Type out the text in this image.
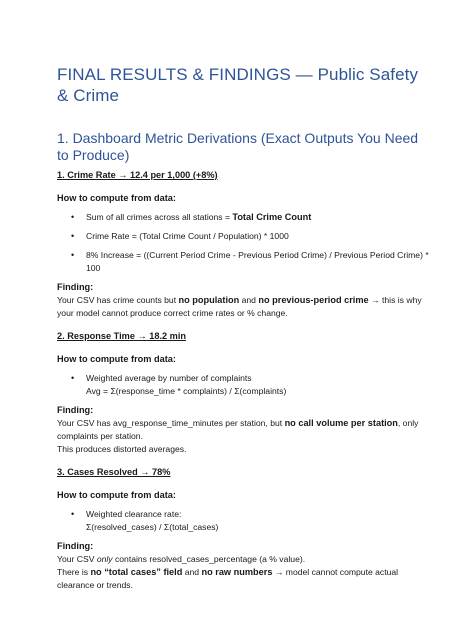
FINAL RESULTS & FINDINGS — Public Safety & Crime
1. Dashboard Metric Derivations (Exact Outputs You Need to Produce)
1. Crime Rate → 12.4 per 1,000 (+8%)
How to compute from data:
• Sum of all crimes across all stations = Total Crime Count
• Crime Rate = (Total Crime Count / Population) * 1000
• 8% Increase = ((Current Period Crime - Previous Period Crime) / Previous Period Crime) * 100
Finding:

Your CSV has crime counts but no population and no previous-period crime → this is why your model cannot produce correct crime rates or % change.

2. Response Time → 18.2 min
How to compute from data:
• Weighted average by number of complaints
Avg = Σ(response_time * complaints) / Σ(complaints)
Finding:

Your CSV has avg_response_time_minutes per station, but no call volume per station, only complaints per station.
This produces distorted averages.

3. Cases Resolved → 78%
How to compute from data:
• Weighted clearance rate:
Σ(resolved_cases) / Σ(total_cases)
Finding:

Your CSV only contains resolved_cases_percentage (a % value).
There is no “total cases” field and no raw numbers → model cannot compute actual clearance or trends.
